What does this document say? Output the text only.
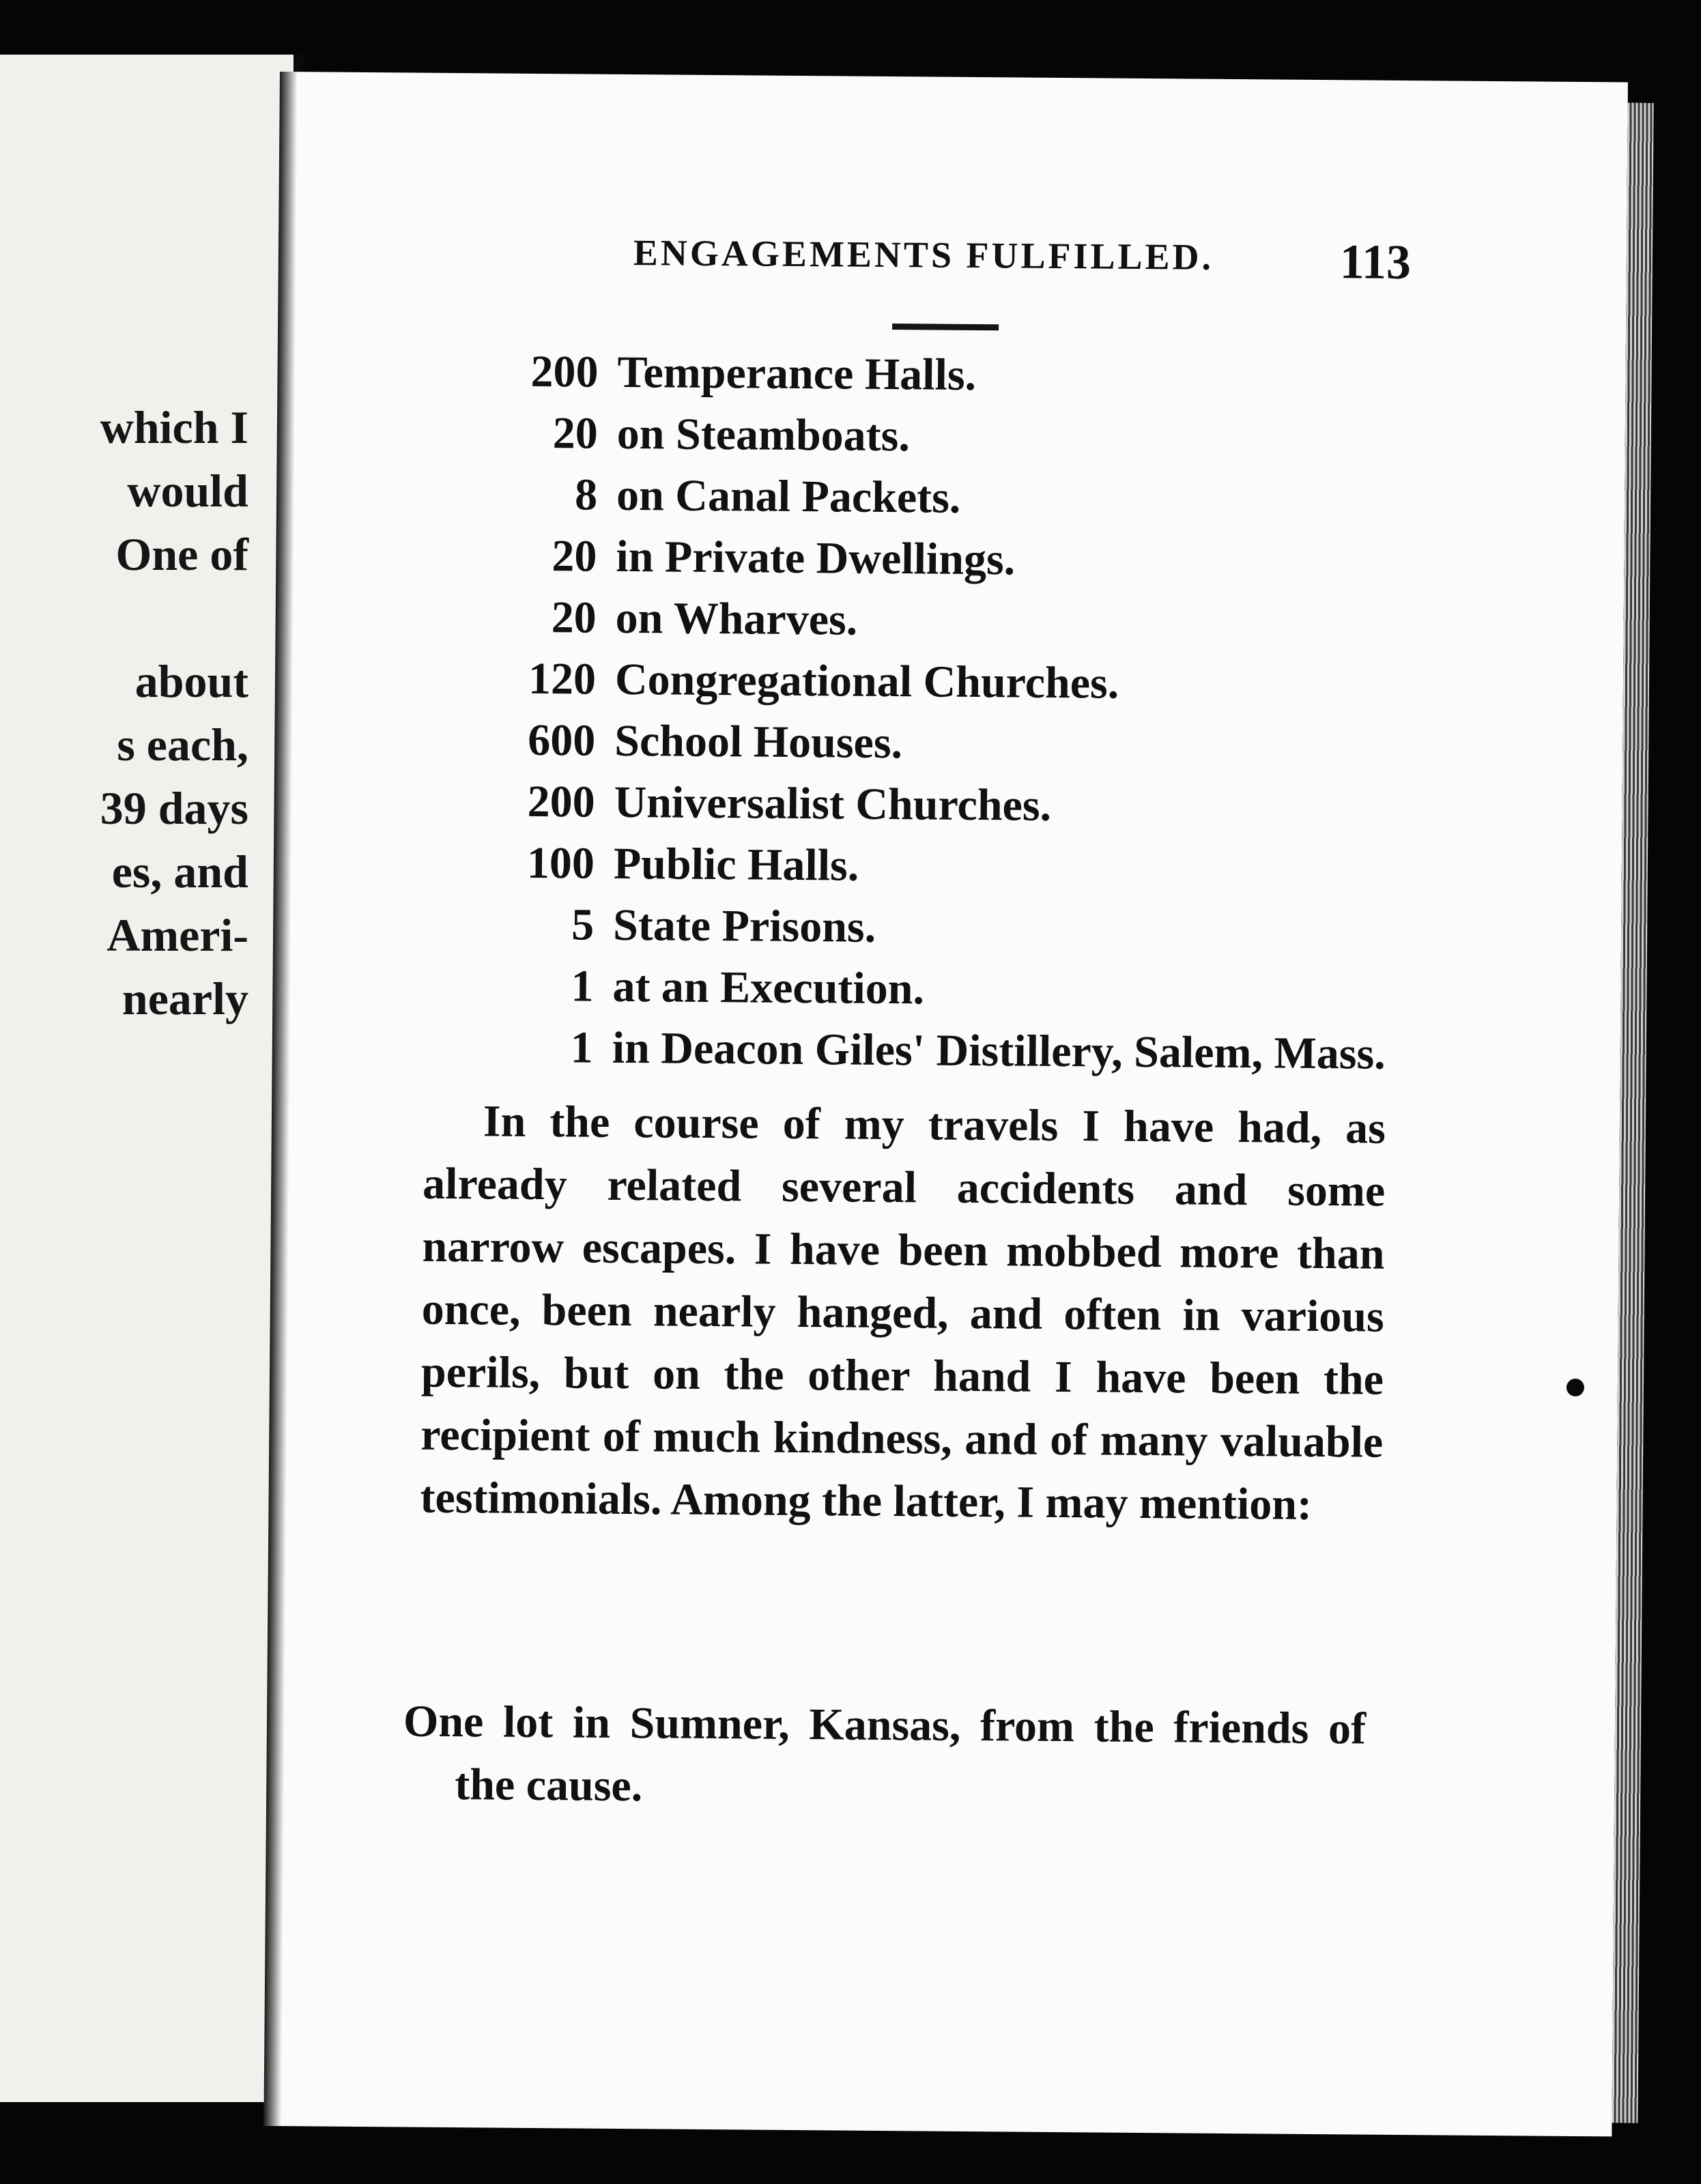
which I
would
One of
about
s each,
39 days
es, and
Ameri-
nearly
ENGAGEMENTS FULFILLED.	113
200 Temperance Halls.
20 on Steamboats.
8 on Canal Packets.
20 in Private Dwellings.
20 on Wharves.
120 Congregational Churches.
600 School Houses.
200 Universalist Churches.
100 Public Halls.
5 State Prisons.
1 at an Execution.
1 in Deacon Giles' Distillery, Salem, Mass.
In the course of my travels I have had, as already related several accidents and some narrow escapes. I have been mobbed more than once, been nearly hanged, and often in various perils, but on the other hand I have been the recipient of much kindness, and of many valuable testimonials. Among the latter, I may mention:
One lot in Sumner, Kansas, from the friends of the cause.
